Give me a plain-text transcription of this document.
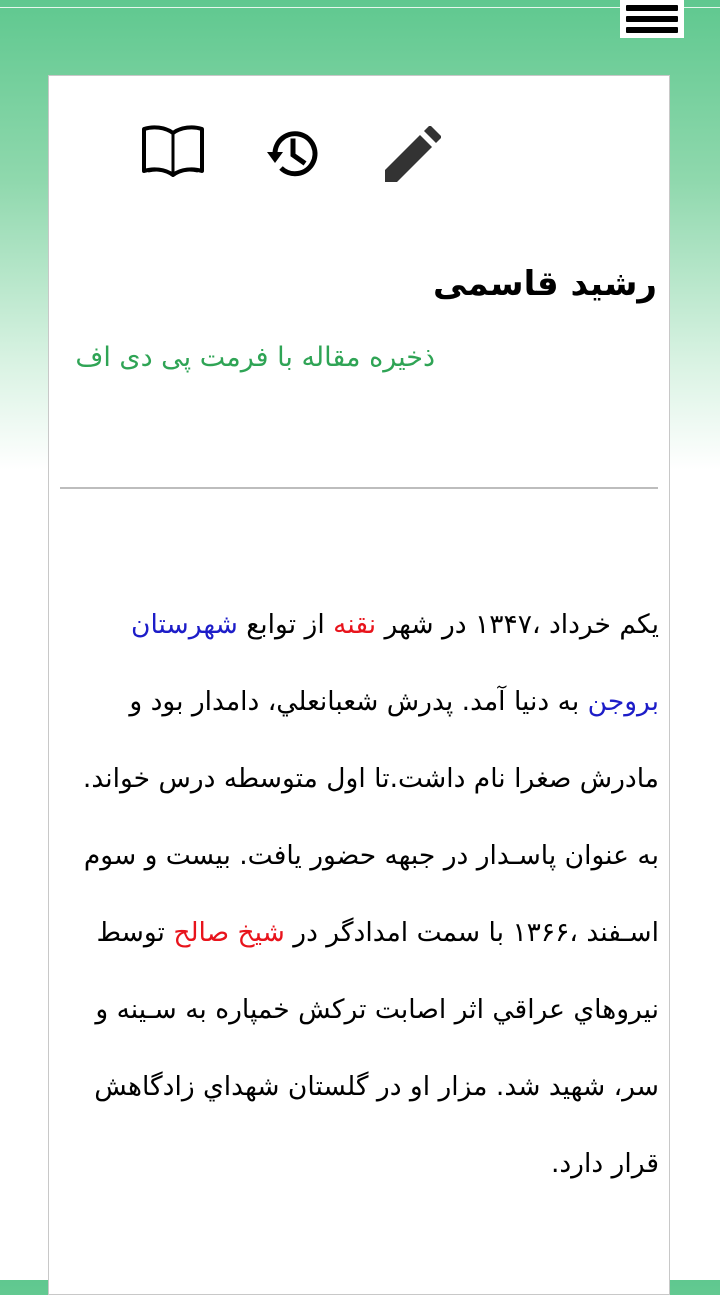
رشید قاسمی
ذخیره مقاله با فرمت پی دی اف
یکم خرداد ،۱۳۴۷ در شهر نقنه از توابع شهرستان بروجن به دنیا آمد. پدرش شعبانعلي، دامدار بود و مادرش صغرا نام داشت.تا اول متوسطه درس خواند. به عنوان پاسـدار در جبهه حضور یافت. بیست و سوم اسـفند ،۱۳۶۶ با سمت امدادگر در شیخ صالح توسط نیروهاي عراقي اثر اصابت ترکش خمپاره به سـینه و سر، شهید شد. مزار او در گلستان شهداي زادگاهش قرار دارد.
